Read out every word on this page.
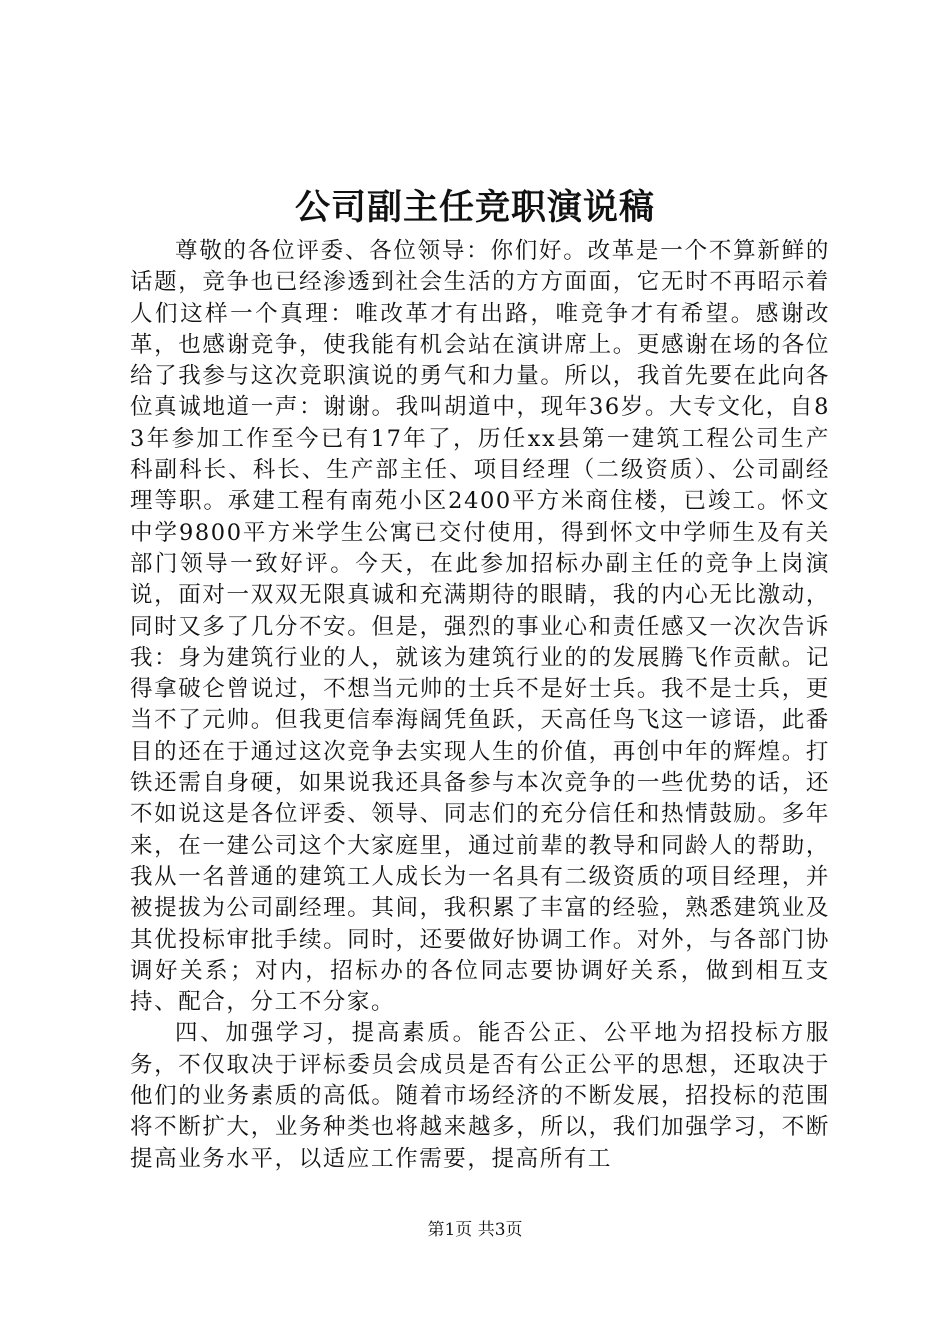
公司副主任竞职演说稿

尊敬的各位评委、各位领导：你们好。改革是一个不算新鲜的话题，竞争也已经渗透到社会生活的方方面面，它无时不再昭示着人们这样一个真理：唯改革才有出路，唯竞争才有希望。感谢改革，也感谢竞争，使我能有机会站在演讲席上。更感谢在场的各位给了我参与这次竞职演说的勇气和力量。所以，我首先要在此向各位真诚地道一声：谢谢。我叫胡道中，现年36岁。大专文化，自83年参加工作至今已有17年了，历任xx县第一建筑工程公司生产科副科长、科长、生产部主任、项目经理（二级资质）、公司副经理等职。承建工程有南苑小区2400平方米商住楼，已竣工。怀文中学9800平方米学生公寓已交付使用，得到怀文中学师生及有关部门领导一致好评。今天，在此参加招标办副主任的竞争上岗演说，面对一双双无限真诚和充满期待的眼睛，我的内心无比激动，同时又多了几分不安。但是，强烈的事业心和责任感又一次次告诉我：身为建筑行业的人，就该为建筑行业的的发展腾飞作贡献。记得拿破仑曾说过，不想当元帅的士兵不是好士兵。我不是士兵，更当不了元帅。但我更信奉海阔凭鱼跃，天高任鸟飞这一谚语，此番目的还在于通过这次竞争去实现人生的价值，再创中年的辉煌。打铁还需自身硬，如果说我还具备参与本次竞争的一些优势的话，还不如说这是各位评委、领导、同志们的充分信任和热情鼓励。多年来，在一建公司这个大家庭里，通过前辈的教导和同龄人的帮助，我从一名普通的建筑工人成长为一名具有二级资质的项目经理，并被提拔为公司副经理。其间，我积累了丰富的经验，熟悉建筑业及其优投标审批手续。同时，还要做好协调工作。对外，与各部门协调好关系；对内，招标办的各位同志要协调好关系，做到相互支持、配合，分工不分家。

四、加强学习，提高素质。能否公正、公平地为招投标方服务，不仅取决于评标委员会成员是否有公正公平的思想，还取决于他们的业务素质的高低。随着市场经济的不断发展，招投标的范围将不断扩大，业务种类也将越来越多，所以，我们加强学习，不断提高业务水平，以适应工作需要，提高所有工

第1页 共3页
